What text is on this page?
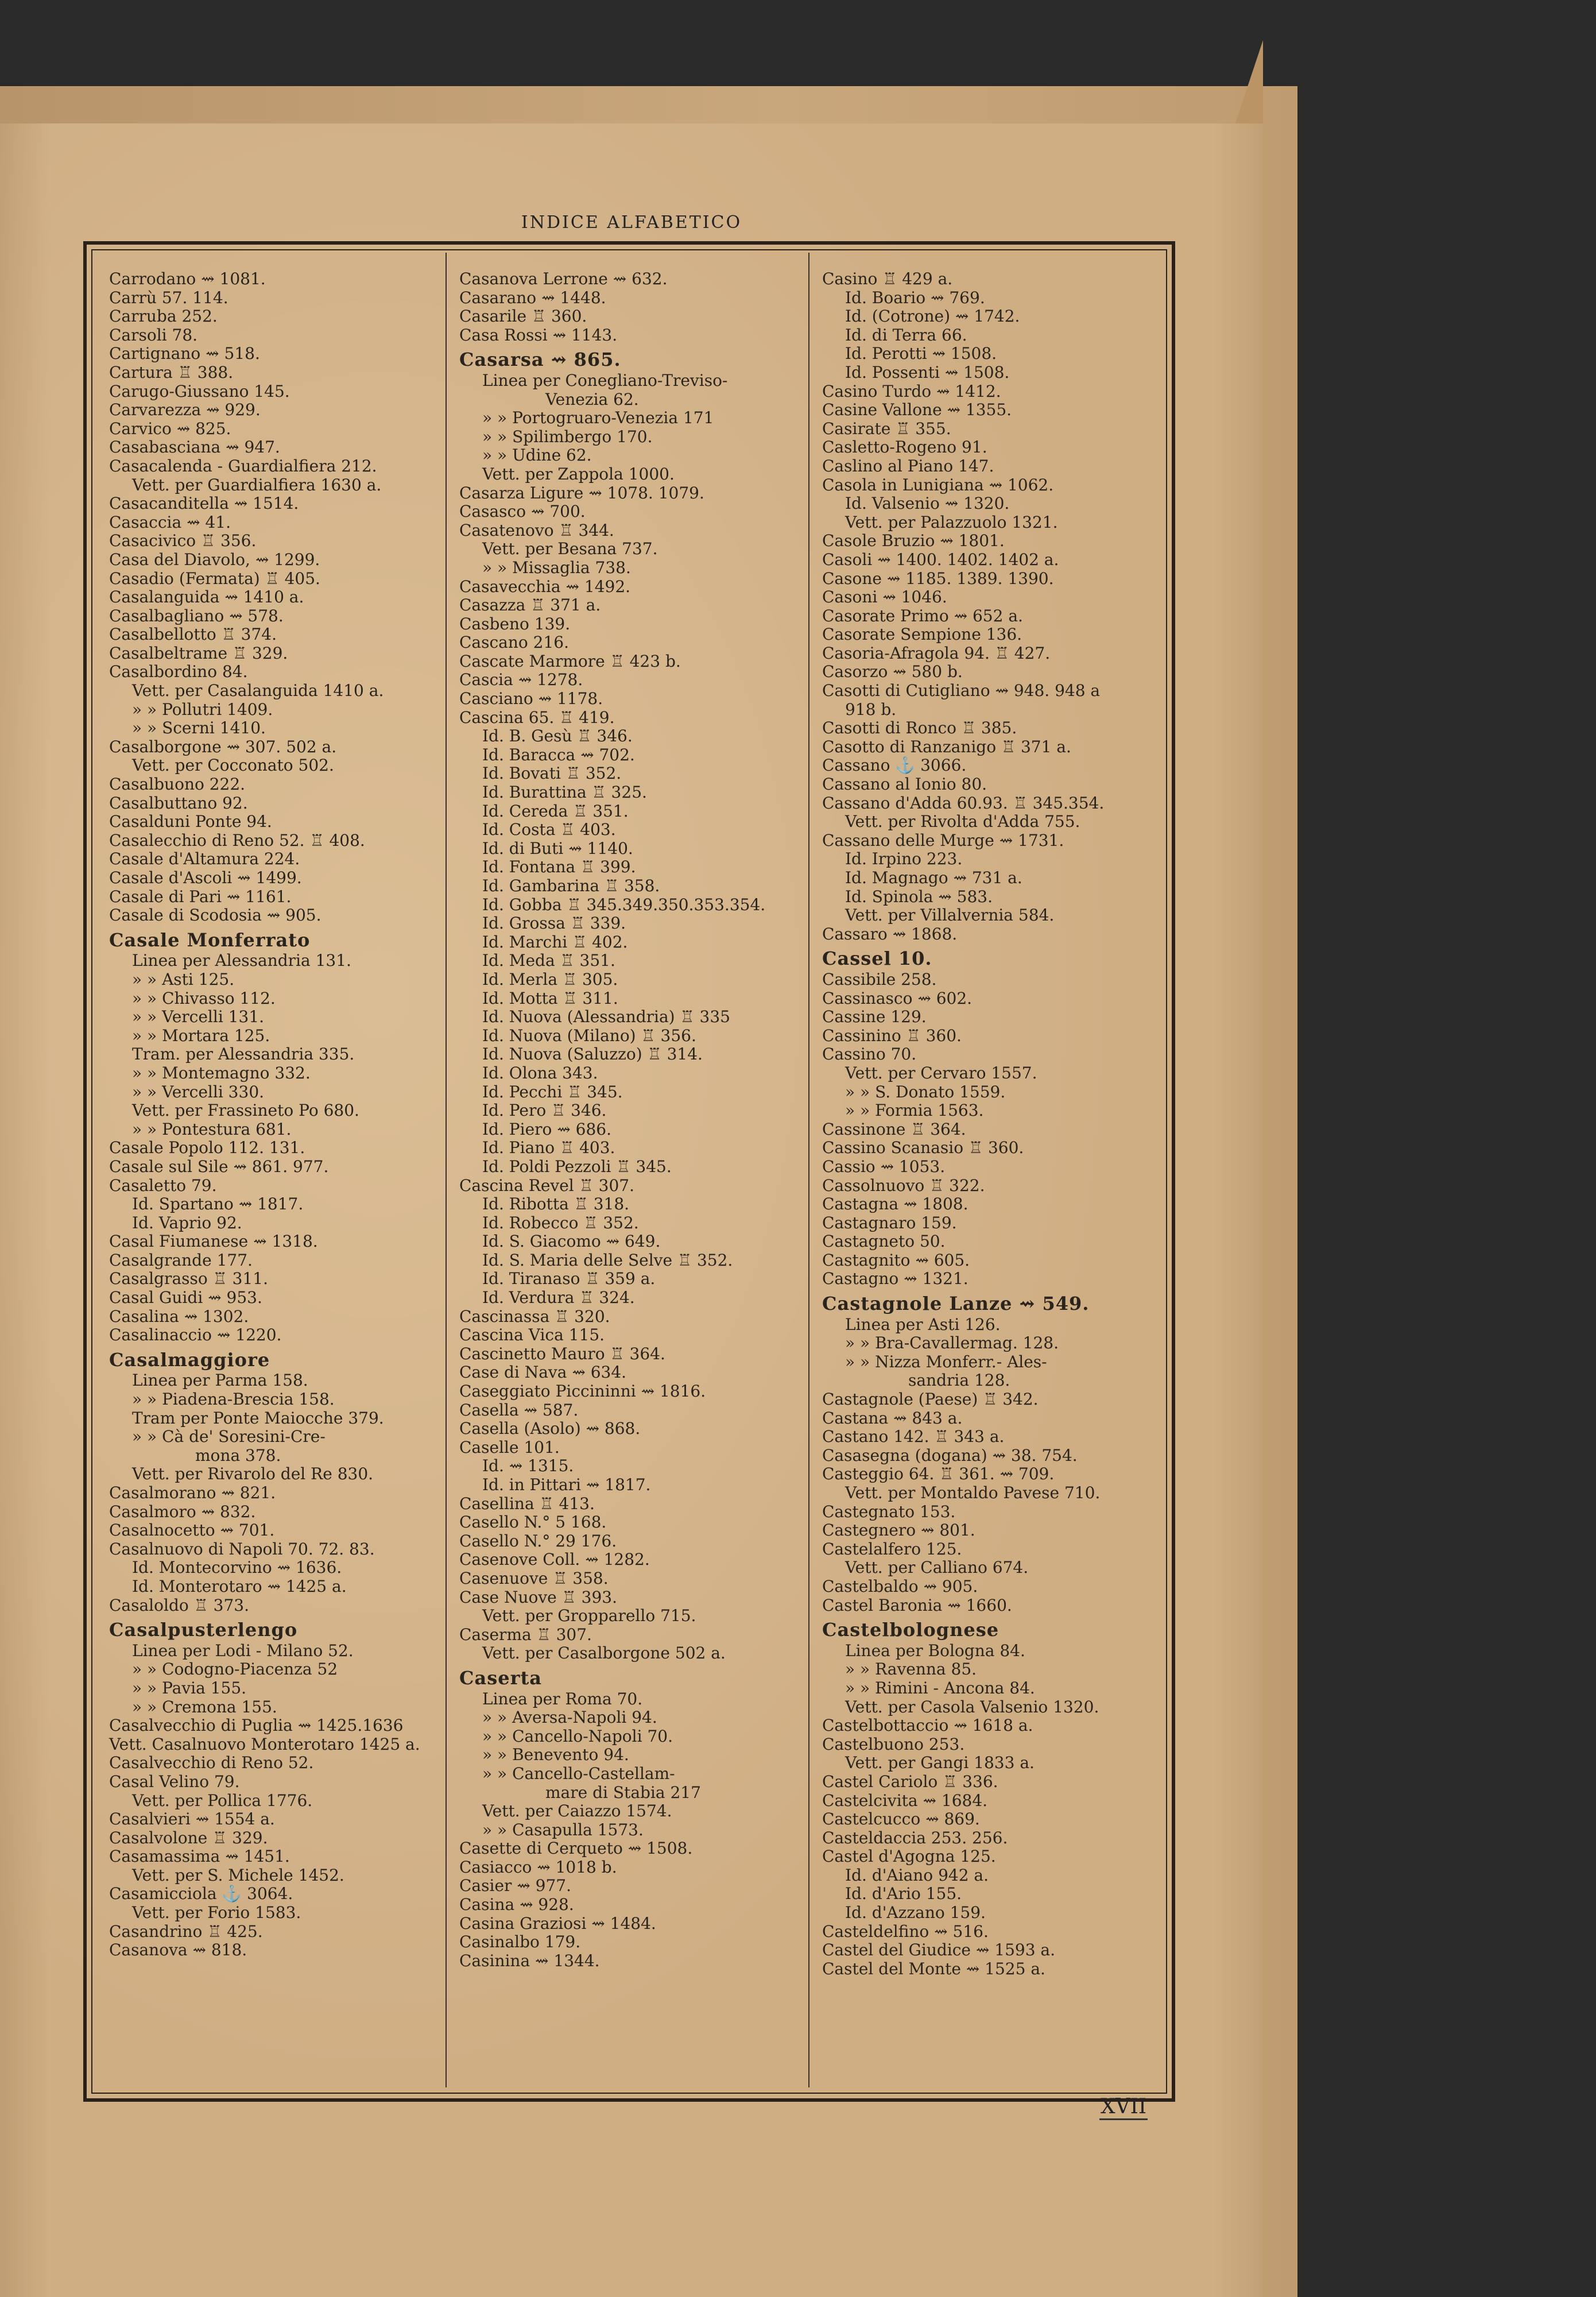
INDICE ALFABETICO
Carrodano ⇝ 1081.
Carrù 57. 114.
Carruba 252.
Carsoli 78.
Cartignano ⇝ 518.
Cartura ♖ 388.
Carugo-Giussano 145.
Carvarezza ⇝ 929.
Carvico ⇝ 825.
Casabasciana ⇝ 947.
Casacalenda - Guardialfiera 212.
Vett. per Guardialfiera 1630 a.
Casacanditella ⇝ 1514.
Casaccia ⇝ 41.
Casacivico ♖ 356.
Casa del Diavolo, ⇝ 1299.
Casadio (Fermata) ♖ 405.
Casalanguida ⇝ 1410 a.
Casalbagliano ⇝ 578.
Casalbellotto ♖ 374.
Casalbeltrame ♖ 329.
Casalbordino 84.
Vett. per Casalanguida 1410 a.
» » Pollutri 1409.
» » Scerni 1410.
Casalborgone ⇝ 307. 502 a.
Vett. per Cocconato 502.
Casalbuono 222.
Casalbuttano 92.
Casalduni Ponte 94.
Casalecchio di Reno 52. ♖ 408.
Casale d'Altamura 224.
Casale d'Ascoli ⇝ 1499.
Casale di Pari ⇝ 1161.
Casale di Scodosia ⇝ 905.
Casale Monferrato
Linea per Alessandria 131.
» » Asti 125.
» » Chivasso 112.
» » Vercelli 131.
» » Mortara 125.
Tram. per Alessandria 335.
» » Montemagno 332.
» » Vercelli 330.
Vett. per Frassineto Po 680.
» » Pontestura 681.
Casale Popolo 112. 131.
Casale sul Sile ⇝ 861. 977.
Casaletto 79.
Id. Spartano ⇝ 1817.
Id. Vaprio 92.
Casal Fiumanese ⇝ 1318.
Casalgrande 177.
Casalgrasso ♖ 311.
Casal Guidi ⇝ 953.
Casalina ⇝ 1302.
Casalinaccio ⇝ 1220.
Casalmaggiore
Linea per Parma 158.
» » Piadena-Brescia 158.
Tram per Ponte Maiocche 379.
» » Cà de' Soresini-Cre-
mona 378.
Vett. per Rivarolo del Re 830.
Casalmorano ⇝ 821.
Casalmoro ⇝ 832.
Casalnocetto ⇝ 701.
Casalnuovo di Napoli 70. 72. 83.
Id. Montecorvino ⇝ 1636.
Id. Monterotaro ⇝ 1425 a.
Casaloldo ♖ 373.
Casalpusterlengo
Linea per Lodi - Milano 52.
» » Codogno-Piacenza 52
» » Pavia 155.
» » Cremona 155.
Casalvecchio di Puglia ⇝ 1425.1636
Vett. Casalnuovo Monterotaro 1425 a.
Casalvecchio di Reno 52.
Casal Velino 79.
Vett. per Pollica 1776.
Casalvieri ⇝ 1554 a.
Casalvolone ♖ 329.
Casamassima ⇝ 1451.
Vett. per S. Michele 1452.
Casamicciola ⚓ 3064.
Vett. per Forio 1583.
Casandrino ♖ 425.
Casanova ⇝ 818.
Casanova Lerrone ⇝ 632.
Casarano ⇝ 1448.
Casarile ♖ 360.
Casa Rossi ⇝ 1143.
Casarsa ⇝ 865.
Linea per Conegliano-Treviso-
Venezia 62.
» » Portogruaro-Venezia 171
» » Spilimbergo 170.
» » Udine 62.
Vett. per Zappola 1000.
Casarza Ligure ⇝ 1078. 1079.
Casasco ⇝ 700.
Casatenovo ♖ 344.
Vett. per Besana 737.
» » Missaglia 738.
Casavecchia ⇝ 1492.
Casazza ♖ 371 a.
Casbeno 139.
Cascano 216.
Cascate Marmore ♖ 423 b.
Cascia ⇝ 1278.
Casciano ⇝ 1178.
Cascina 65. ♖ 419.
Id. B. Gesù ♖ 346.
Id. Baracca ⇝ 702.
Id. Bovati ♖ 352.
Id. Burattina ♖ 325.
Id. Cereda ♖ 351.
Id. Costa ♖ 403.
Id. di Buti ⇝ 1140.
Id. Fontana ♖ 399.
Id. Gambarina ♖ 358.
Id. Gobba ♖ 345.349.350.353.354.
Id. Grossa ♖ 339.
Id. Marchi ♖ 402.
Id. Meda ♖ 351.
Id. Merla ♖ 305.
Id. Motta ♖ 311.
Id. Nuova (Alessandria) ♖ 335
Id. Nuova (Milano) ♖ 356.
Id. Nuova (Saluzzo) ♖ 314.
Id. Olona 343.
Id. Pecchi ♖ 345.
Id. Pero ♖ 346.
Id. Piero ⇝ 686.
Id. Piano ♖ 403.
Id. Poldi Pezzoli ♖ 345.
Cascina Revel ♖ 307.
Id. Ribotta ♖ 318.
Id. Robecco ♖ 352.
Id. S. Giacomo ⇝ 649.
Id. S. Maria delle Selve ♖ 352.
Id. Tiranaso ♖ 359 a.
Id. Verdura ♖ 324.
Cascinassa ♖ 320.
Cascina Vica 115.
Cascinetto Mauro ♖ 364.
Case di Nava ⇝ 634.
Caseggiato Piccininni ⇝ 1816.
Casella ⇝ 587.
Casella (Asolo) ⇝ 868.
Caselle 101.
Id. ⇝ 1315.
Id. in Pittari ⇝ 1817.
Casellina ♖ 413.
Casello N.° 5 168.
Casello N.° 29 176.
Casenove Coll. ⇝ 1282.
Casenuove ♖ 358.
Case Nuove ♖ 393.
Vett. per Gropparello 715.
Caserma ♖ 307.
Vett. per Casalborgone 502 a.
Caserta
Linea per Roma 70.
» » Aversa-Napoli 94.
» » Cancello-Napoli 70.
» » Benevento 94.
» » Cancello-Castellam-
mare di Stabia 217
Vett. per Caiazzo 1574.
» » Casapulla 1573.
Casette di Cerqueto ⇝ 1508.
Casiacco ⇝ 1018 b.
Casier ⇝ 977.
Casina ⇝ 928.
Casina Graziosi ⇝ 1484.
Casinalbo 179.
Casinina ⇝ 1344.
Casino ♖ 429 a.
Id. Boario ⇝ 769.
Id. (Cotrone) ⇝ 1742.
Id. di Terra 66.
Id. Perotti ⇝ 1508.
Id. Possenti ⇝ 1508.
Casino Turdo ⇝ 1412.
Casine Vallone ⇝ 1355.
Casirate ♖ 355.
Casletto-Rogeno 91.
Caslino al Piano 147.
Casola in Lunigiana ⇝ 1062.
Id. Valsenio ⇝ 1320.
Vett. per Palazzuolo 1321.
Casole Bruzio ⇝ 1801.
Casoli ⇝ 1400. 1402. 1402 a.
Casone ⇝ 1185. 1389. 1390.
Casoni ⇝ 1046.
Casorate Primo ⇝ 652 a.
Casorate Sempione 136.
Casoria-Afragola 94. ♖ 427.
Casorzo ⇝ 580 b.
Casotti di Cutigliano ⇝ 948. 948 a
918 b.
Casotti di Ronco ♖ 385.
Casotto di Ranzanigo ♖ 371 a.
Cassano ⚓ 3066.
Cassano al Ionio 80.
Cassano d'Adda 60.93. ♖ 345.354.
Vett. per Rivolta d'Adda 755.
Cassano delle Murge ⇝ 1731.
Id. Irpino 223.
Id. Magnago ⇝ 731 a.
Id. Spinola ⇝ 583.
Vett. per Villalvernia 584.
Cassaro ⇝ 1868.
Cassel 10.
Cassibile 258.
Cassinasco ⇝ 602.
Cassine 129.
Cassinino ♖ 360.
Cassino 70.
Vett. per Cervaro 1557.
» » S. Donato 1559.
» » Formia 1563.
Cassinone ♖ 364.
Cassino Scanasio ♖ 360.
Cassio ⇝ 1053.
Cassolnuovo ♖ 322.
Castagna ⇝ 1808.
Castagnaro 159.
Castagneto 50.
Castagnito ⇝ 605.
Castagno ⇝ 1321.
Castagnole Lanze ⇝ 549.
Linea per Asti 126.
» » Bra-Cavallermag. 128.
» » Nizza Monferr.- Ales-
sandria 128.
Castagnole (Paese) ♖ 342.
Castana ⇝ 843 a.
Castano 142. ♖ 343 a.
Casasegna (dogana) ⇝ 38. 754.
Casteggio 64. ♖ 361. ⇝ 709.
Vett. per Montaldo Pavese 710.
Castegnato 153.
Castegnero ⇝ 801.
Castelalfero 125.
Vett. per Calliano 674.
Castelbaldo ⇝ 905.
Castel Baronia ⇝ 1660.
Castelbolognese
Linea per Bologna 84.
» » Ravenna 85.
» » Rimini - Ancona 84.
Vett. per Casola Valsenio 1320.
Castelbottaccio ⇝ 1618 a.
Castelbuono 253.
Vett. per Gangi 1833 a.
Castel Cariolo ♖ 336.
Castelcivita ⇝ 1684.
Castelcucco ⇝ 869.
Casteldaccia 253. 256.
Castel d'Agogna 125.
Id. d'Aiano 942 a.
Id. d'Ario 155.
Id. d'Azzano 159.
Casteldelfino ⇝ 516.
Castel del Giudice ⇝ 1593 a.
Castel del Monte ⇝ 1525 a.
XVII
